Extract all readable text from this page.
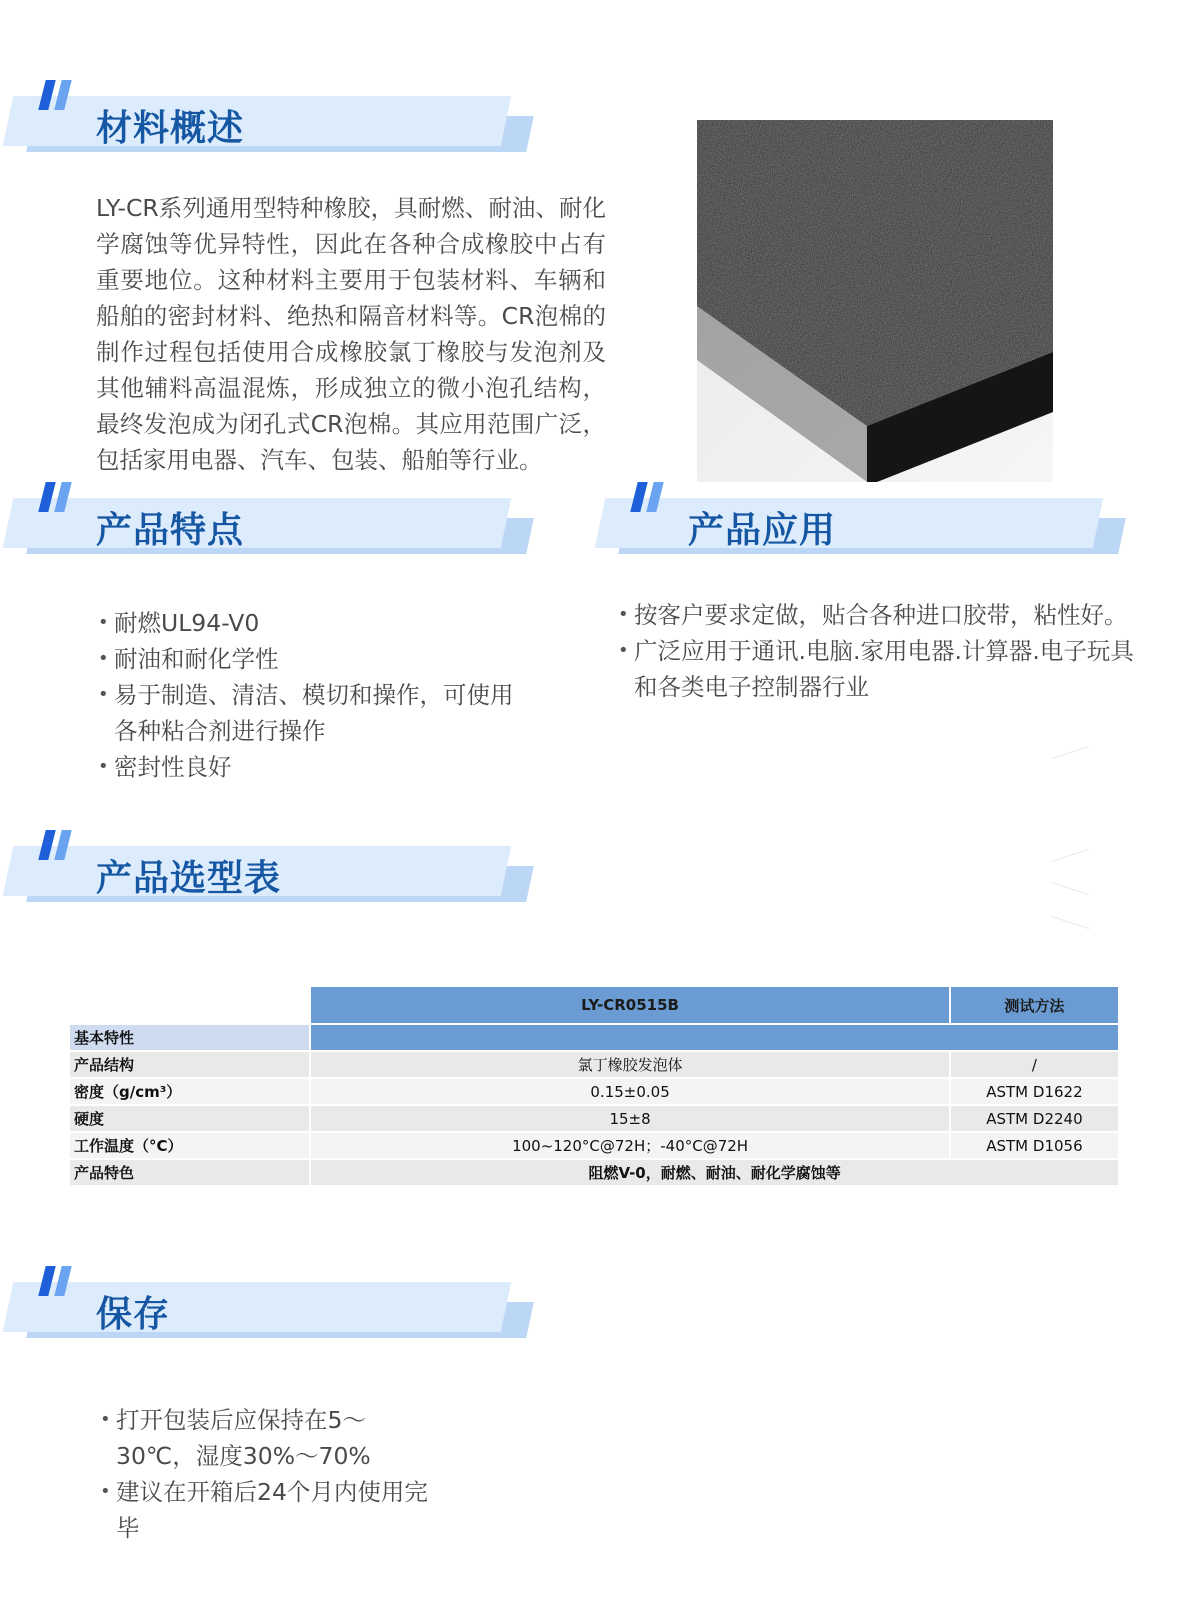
材料概述

LY-CR系列通用型特种橡胶，具耐燃、耐油、耐化学腐蚀等优异特性，因此在各种合成橡胶中占有重要地位。这种材料主要用于包装材料、车辆和船舶的密封材料、绝热和隔音材料等。CR泡棉的制作过程包括使用合成橡胶氯丁橡胶与发泡剂及其他辅料高温混炼，形成独立的微小泡孔结构，最终发泡成为闭孔式CR泡棉。其应用范围广泛，包括家用电器、汽车、包装、船舶等行业。

产品特点
• 耐燃UL94-V0
• 耐油和耐化学性
• 易于制造、清洁、模切和操作，可使用各种粘合剂进行操作
• 密封性良好
产品应用
• 按客户要求定做，贴合各种进口胶带，粘性好。
• 广泛应用于通讯.电脑.家用电器.计算器.电子玩具和各类电子控制器行业
产品选型表
	LY-CR0515B	测试方法
基本特性		
产品结构	氯丁橡胶发泡体	/
密度（g/cm³）	0.15±0.05	ASTM D1622
硬度	15±8	ASTM D2240
工作温度（°C）	100~120°C@72H；-40°C@72H	ASTM D1056
产品特色	阻燃V-0，耐燃、耐油、耐化学腐蚀等	
保存
• 打开包装后应保持在5～30℃，湿度30%～70%
• 建议在开箱后24个月内使用完毕
